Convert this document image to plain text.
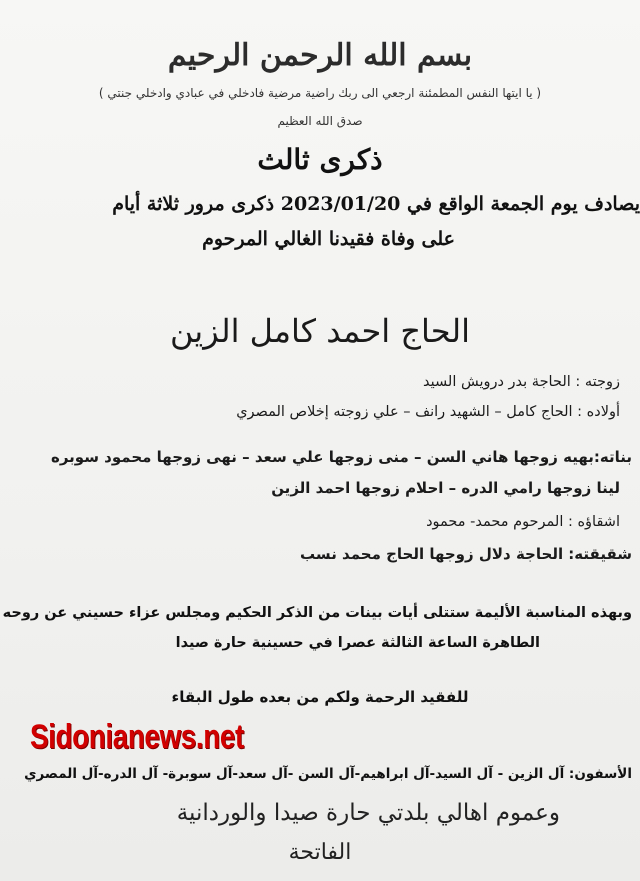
بسم الله الرحمن الرحيم
( يا ايتها النفس المطمئنة ارجعي الى ربك راضية مرضية فادخلي في عبادي وادخلي جنتي )
صدق الله العظيم
ذكرى ثالث
يصادف يوم الجمعة الواقع في 2023/01/20 ذكرى مرور ثلاثة أيام
على وفاة فقيدنا الغالي المرحوم
الحاج احمد كامل الزين
زوجته : الحاجة بدر درويش السيد
أولاده : الحاج كامل – الشهيد رانف – علي زوجته إخلاص المصري
بناته:بهيه زوجها هاني السن – منى زوجها علي سعد – نهى زوجها محمود سوبره
لينا زوجها رامي الدره – احلام زوجها احمد الزين
اشقاؤه : المرحوم محمد- محمود
شقيقته: الحاجة دلال زوجها الحاج محمد نسب
وبهذه المناسبة الأليمة ستتلى أيات بينات من الذكر الحكيم ومجلس عزاء حسيني عن روحه
الطاهرة الساعة الثالثة عصرا في حسينية حارة صيدا
للفقيد الرحمة ولكم من بعده طول البقاء
Sidonianews.net
الأسفون: آل الزين - آل السيد-آل ابراهيم-آل السن -آل سعد-آل سوبرة- آل الدره-آل المصري
وعموم اهالي بلدتي حارة صيدا والوردانية
الفاتحة
